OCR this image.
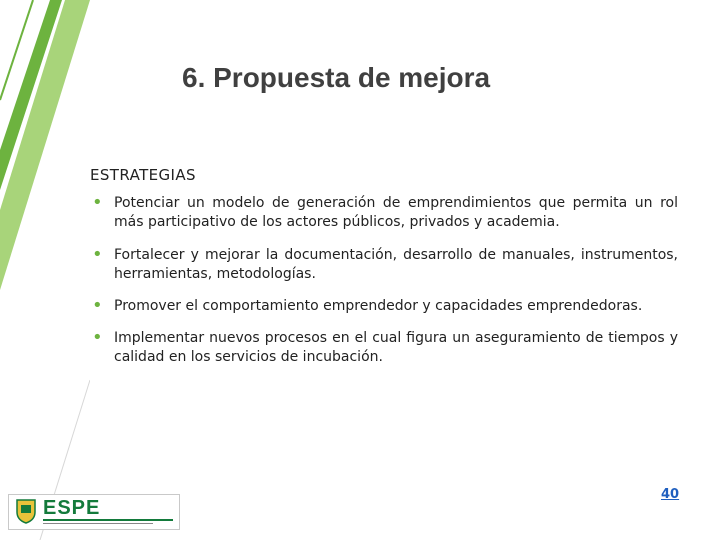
6. Propuesta de mejora
ESTRATEGIAS
• Potenciar un modelo de generación de emprendimientos que permita un rol más participativo de los actores públicos, privados y academia.
• Fortalecer y mejorar la documentación, desarrollo de manuales, instrumentos, herramientas, metodologías.
• Promover el comportamiento emprendedor y capacidades emprendedoras.
• Implementar nuevos procesos en el cual figura un aseguramiento de tiempos y calidad en los servicios de incubación.
40
ESPE
